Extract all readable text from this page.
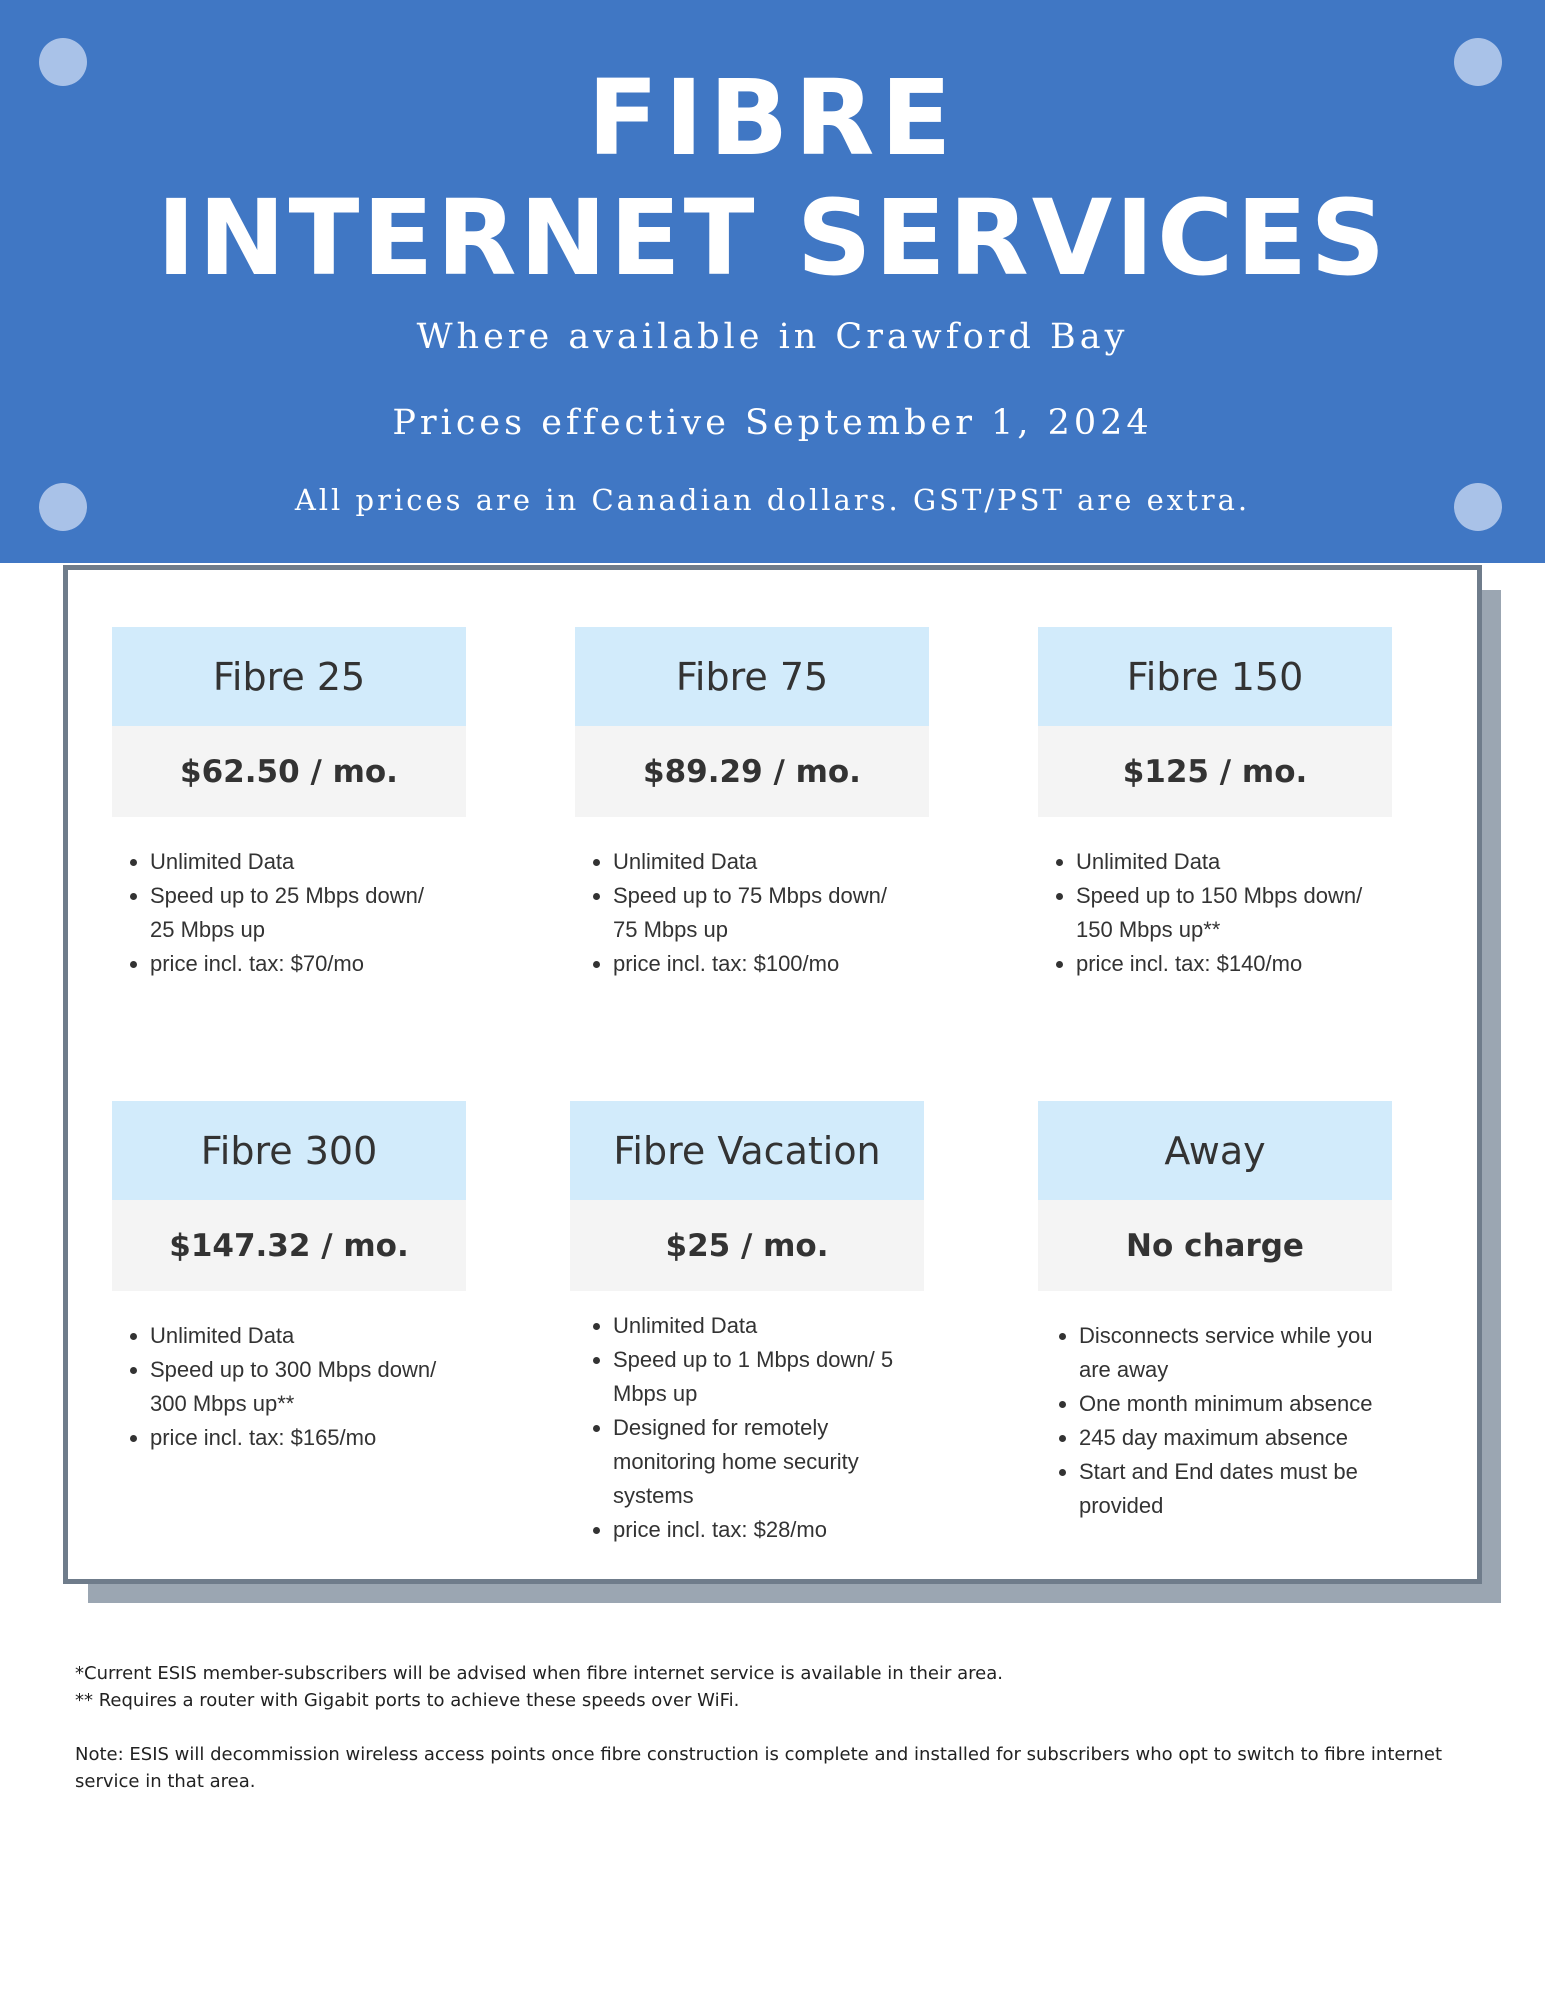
FIBRE
INTERNET SERVICES
Where available in Crawford Bay
Prices effective September 1, 2024
All prices are in Canadian dollars. GST/PST are extra.
Fibre 25
$62.50 / mo.
• Unlimited Data
• Speed up to 25 Mbps down/ 25 Mbps up
• price incl. tax: $70/mo
Fibre 75
$89.29 / mo.
• Unlimited Data
• Speed up to 75 Mbps down/ 75 Mbps up
• price incl. tax: $100/mo
Fibre 150
$125 / mo.
• Unlimited Data
• Speed up to 150 Mbps down/ 150 Mbps up**
• price incl. tax: $140/mo
Fibre 300
$147.32 / mo.
• Unlimited Data
• Speed up to 300 Mbps down/ 300 Mbps up**
• price incl. tax: $165/mo
Fibre Vacation
$25 / mo.
• Unlimited Data
• Speed up to 1 Mbps down/ 5 Mbps up
• Designed for remotely monitoring home security systems
• price incl. tax: $28/mo
Away
No charge
• Disconnects service while you are away
• One month minimum absence
• 245 day maximum absence
• Start and End dates must be provided

*Current ESIS member-subscribers will be advised when fibre internet service is available in their area.

** Requires a router with Gigabit ports to achieve these speeds over WiFi.

Note: ESIS will decommission wireless access points once fibre construction is complete and installed for subscribers who opt to switch to fibre internet service in that area.
